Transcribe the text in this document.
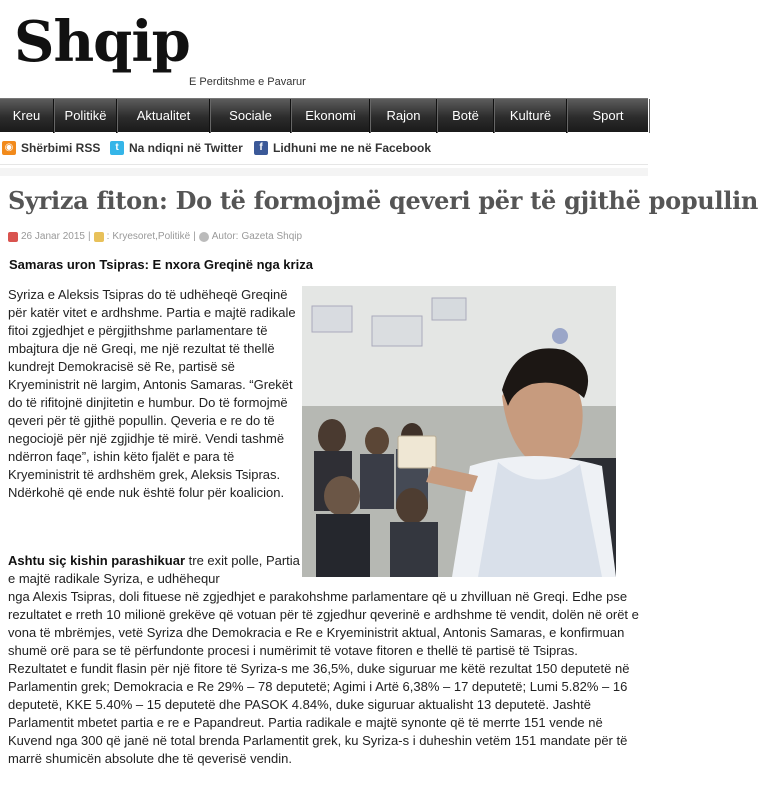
Shqip
E Perditshme e Pavarur
Kreu	Politikë	Aktualitet	Sociale	Ekonomi	Rajon	Botë	Kulturë	Sport
◉ Shërbimi RSS	t Na ndiqni në Twitter	f Lidhuni me ne në Facebook
Syriza fiton: Do të formojmë qeveri për të gjithë popullin
26 Janar 2015 | : Kryesoret,Politikë | Autor: Gazeta Shqip
Samaras uron Tsipras: E nxora Greqinë nga kriza

Syriza e Aleksis Tsipras do të udhëheqë Greqinë për katër vitet e ardhshme. Partia e majtë radikale fitoi zgjedhjet e përgjithshme parlamentare të mbajtura dje në Greqi, me një rezultat të thellë kundrejt Demokracisë së Re, partisë së Kryeministrit në largim, Antonis Samaras. “Grekët do të rifitojnë dinjitetin e humbur. Do të formojmë qeveri për të gjithë popullin. Qeveria e re do të negociojë për një zgjidhje të mirë. Vendi tashmë ndërron faqe”, ishin këto fjalët e para të Kryeministrit të ardhshëm grek, Aleksis Tsipras. Ndërkohë që ende nuk është folur për koalicion.

Ashtu siç kishin parashikuar tre exit polle, Partia e majtë radikale Syriza, e udhëhequr

nga Alexis Tsipras, doli fituese në zgjedhjet e parakohshme parlamentare që u zhvilluan në Greqi. Edhe pse rezultatet e rreth 10 milionë grekëve që votuan për të zgjedhur qeverinë e ardhshme të vendit, dolën në orët e vona të mbrëmjes, vetë Syriza dhe Demokracia e Re e Kryeministrit aktual, Antonis Samaras, e konfirmuan shumë orë para se të përfundonte procesi i numërimit të votave fitoren e thellë të partisë të Tsipras. Rezultatet e fundit flasin për një fitore të Syriza-s me 36,5%, duke siguruar me këtë rezultat 150 deputetë në Parlamentin grek; Demokracia e Re 29% – 78 deputetë; Agimi i Artë 6,38% – 17 deputetë; Lumi 5.82% – 16 deputetë, KKE 5.40% – 15 deputetë dhe PASOK 4.84%, duke siguruar aktualisht 13 deputetë. Jashtë Parlamentit mbetet partia e re e Papandreut. Partia radikale e majtë synonte që të merrte 151 vende në Kuvend nga 300 që janë në total brenda Parlamentit grek, ku Syriza-s i duheshin vetëm 151 mandate për të marrë shumicën absolute dhe të qeverisë vendin.
